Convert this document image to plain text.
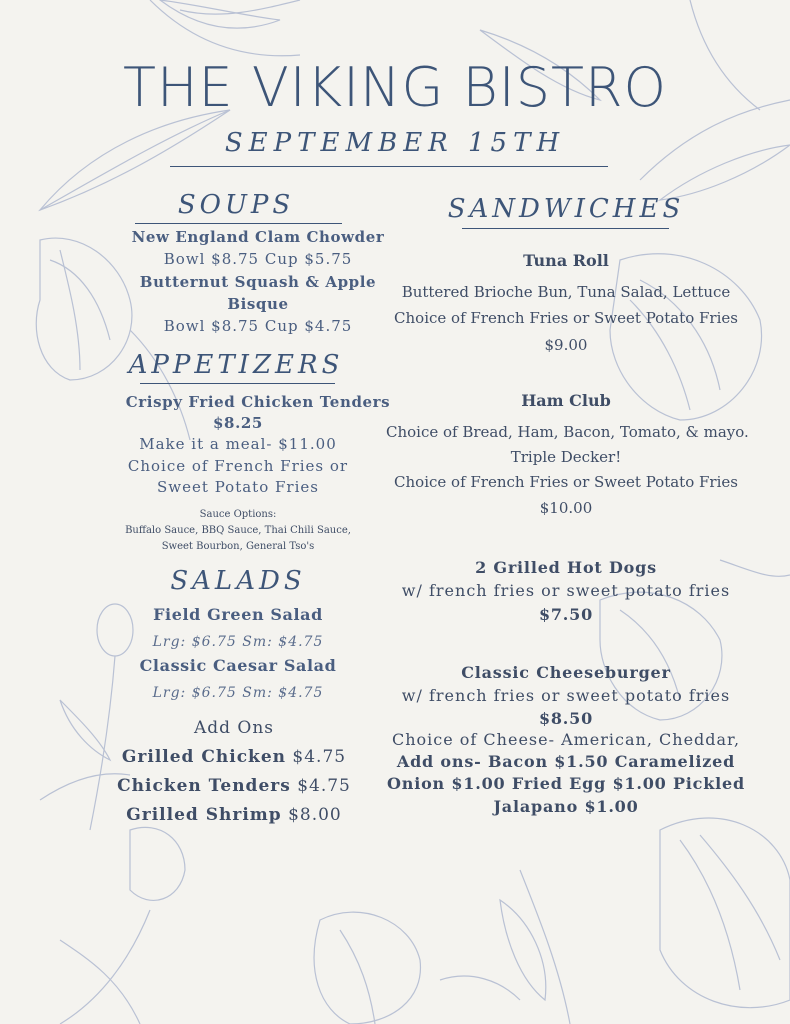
THE VIKING BISTRO
SEPTEMBER 15TH
SOUPS
New England Clam Chowder
Bowl $8.75 Cup $5.75
Butternut Squash & Apple
Bisque
Bowl $8.75 Cup $4.75
APPETIZERS
Crispy Fried Chicken Tenders
$8.25
Make it a meal- $11.00
Choice of French Fries or
Sweet Potato Fries
Sauce Options:
Buffalo Sauce, BBQ Sauce, Thai Chili Sauce,
Sweet Bourbon, General Tso's
SALADS
Field Green Salad
Lrg: $6.75 Sm: $4.75
Classic Caesar Salad
Lrg: $6.75 Sm: $4.75
Add Ons
Grilled Chicken $4.75
Chicken Tenders $4.75
Grilled Shrimp $8.00
SANDWICHES
Tuna Roll
Buttered Brioche Bun, Tuna Salad, Lettuce
Choice of French Fries or Sweet Potato Fries
$9.00
Ham Club
Choice of Bread, Ham, Bacon, Tomato, & mayo.
Triple Decker!
Choice of French Fries or Sweet Potato Fries
$10.00
2 Grilled Hot Dogs
w/ french fries or sweet potato fries
$7.50
Classic Cheeseburger
w/ french fries or sweet potato fries
$8.50
Choice of Cheese- American, Cheddar,
Add ons- Bacon $1.50 Caramelized
Onion $1.00 Fried Egg $1.00 Pickled
Jalapano $1.00
